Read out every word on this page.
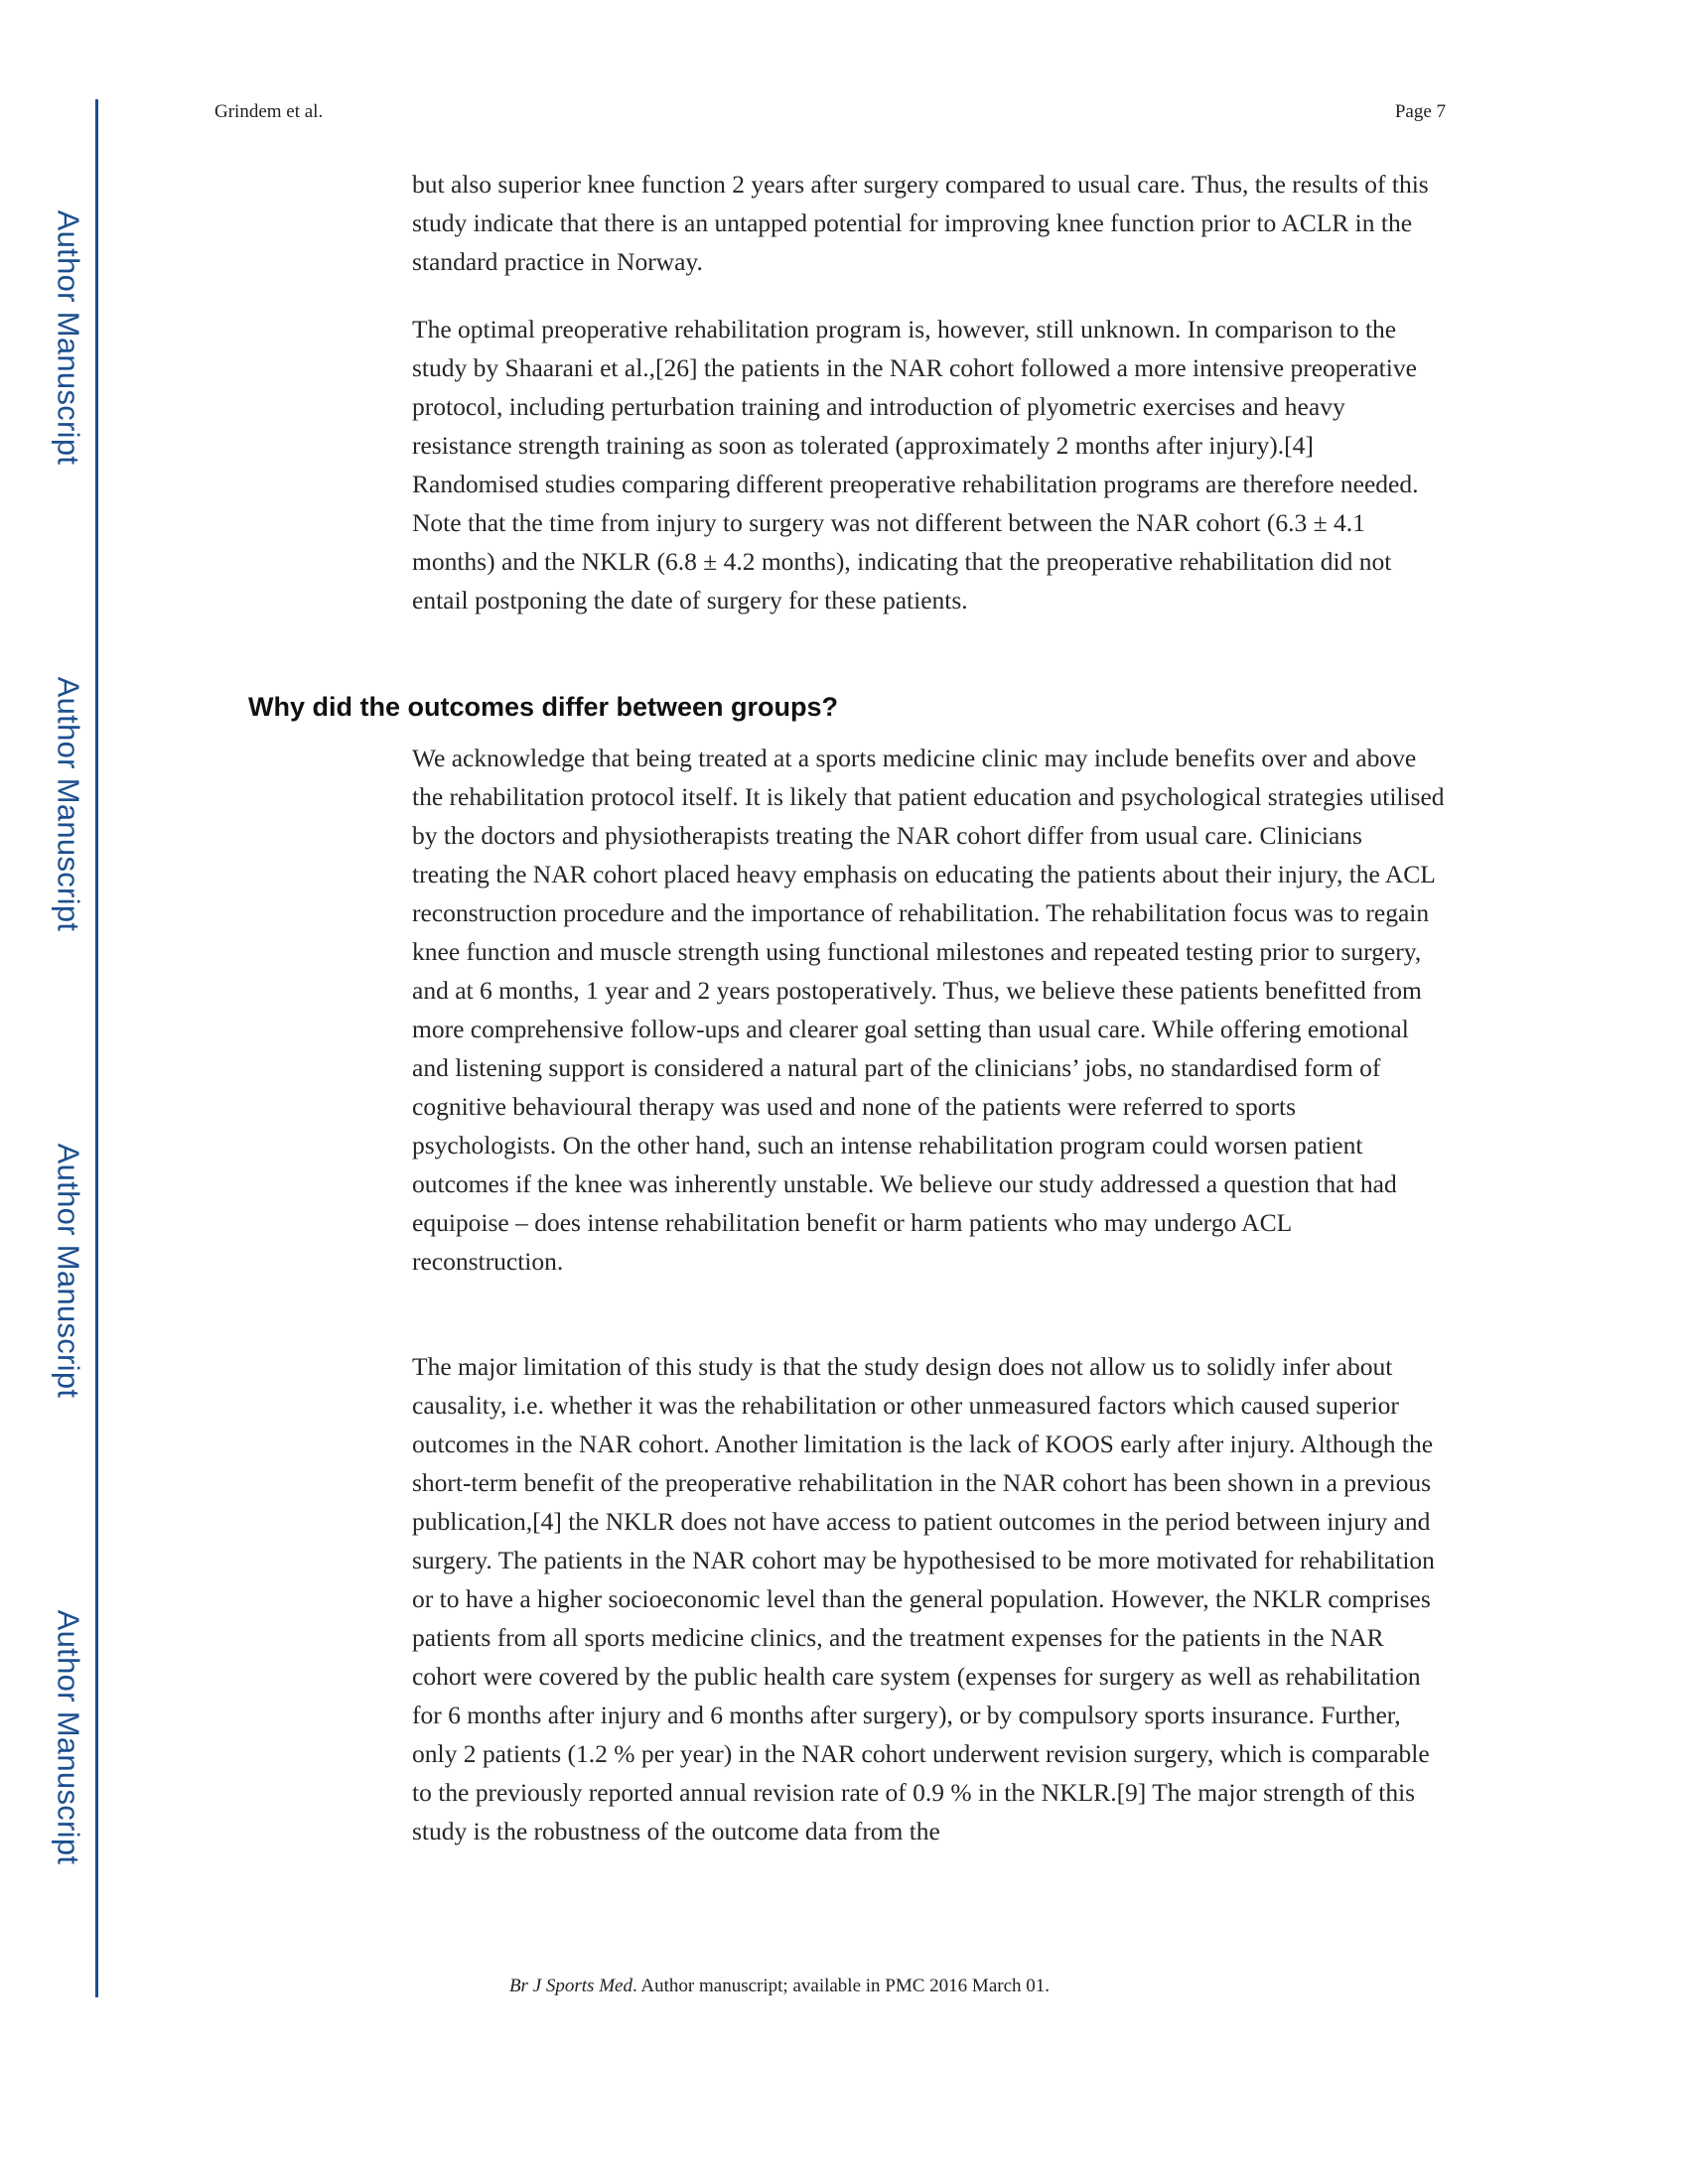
Author Manuscript
Author Manuscript
Author Manuscript
Author Manuscript
Grindem et al.	Page 7

but also superior knee function 2 years after surgery compared to usual care. Thus, the results of this study indicate that there is an untapped potential for improving knee function prior to ACLR in the standard practice in Norway.

The optimal preoperative rehabilitation program is, however, still unknown. In comparison to the study by Shaarani et al.,[26] the patients in the NAR cohort followed a more intensive preoperative protocol, including perturbation training and introduction of plyometric exercises and heavy resistance strength training as soon as tolerated (approximately 2 months after injury).[4] Randomised studies comparing different preoperative rehabilitation programs are therefore needed. Note that the time from injury to surgery was not different between the NAR cohort (6.3 ± 4.1 months) and the NKLR (6.8 ± 4.2 months), indicating that the preoperative rehabilitation did not entail postponing the date of surgery for these patients.

Why did the outcomes differ between groups?

We acknowledge that being treated at a sports medicine clinic may include benefits over and above the rehabilitation protocol itself. It is likely that patient education and psychological strategies utilised by the doctors and physiotherapists treating the NAR cohort differ from usual care. Clinicians treating the NAR cohort placed heavy emphasis on educating the patients about their injury, the ACL reconstruction procedure and the importance of rehabilitation. The rehabilitation focus was to regain knee function and muscle strength using functional milestones and repeated testing prior to surgery, and at 6 months, 1 year and 2 years postoperatively. Thus, we believe these patients benefitted from more comprehensive follow-ups and clearer goal setting than usual care. While offering emotional and listening support is considered a natural part of the clinicians’ jobs, no standardised form of cognitive behavioural therapy was used and none of the patients were referred to sports psychologists. On the other hand, such an intense rehabilitation program could worsen patient outcomes if the knee was inherently unstable. We believe our study addressed a question that had equipoise – does intense rehabilitation benefit or harm patients who may undergo ACL reconstruction.

The major limitation of this study is that the study design does not allow us to solidly infer about causality, i.e. whether it was the rehabilitation or other unmeasured factors which caused superior outcomes in the NAR cohort. Another limitation is the lack of KOOS early after injury. Although the short-term benefit of the preoperative rehabilitation in the NAR cohort has been shown in a previous publication,[4] the NKLR does not have access to patient outcomes in the period between injury and surgery. The patients in the NAR cohort may be hypothesised to be more motivated for rehabilitation or to have a higher socioeconomic level than the general population. However, the NKLR comprises patients from all sports medicine clinics, and the treatment expenses for the patients in the NAR cohort were covered by the public health care system (expenses for surgery as well as rehabilitation for 6 months after injury and 6 months after surgery), or by compulsory sports insurance. Further, only 2 patients (1.2 % per year) in the NAR cohort underwent revision surgery, which is comparable to the previously reported annual revision rate of 0.9 % in the NKLR.[9] The major strength of this study is the robustness of the outcome data from the

Br J Sports Med. Author manuscript; available in PMC 2016 March 01.
